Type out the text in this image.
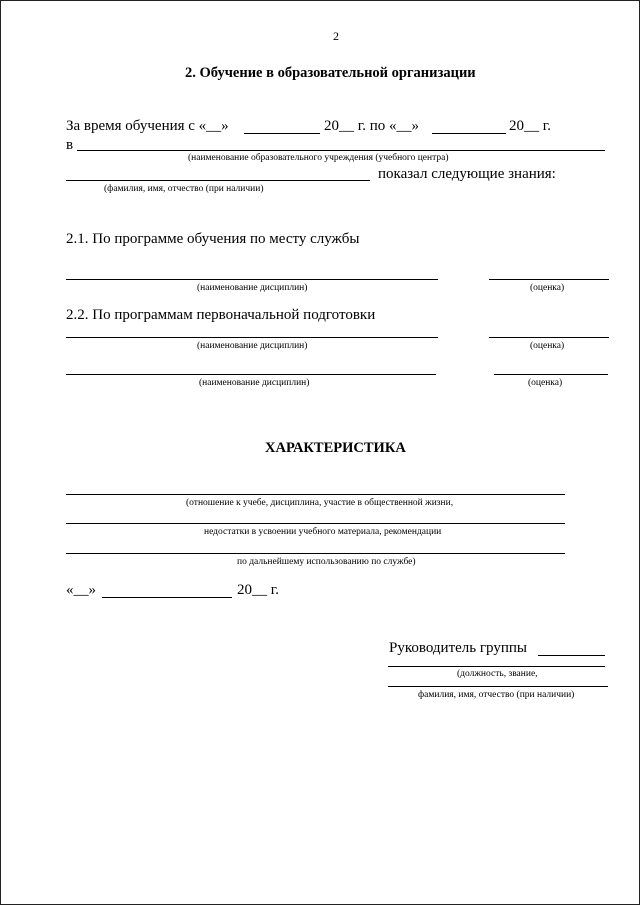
2
2. Обучение в образовательной организации
За время обучения с «__»	20__ г. по «__»	20__ г.
в
(наименование образовательного учреждения (учебного центра)
показал следующие знания:
(фамилия, имя, отчество (при наличии)
2.1. По программе обучения по месту службы
(наименование дисциплин)	(оценка)
2.2. По программам первоначальной подготовки
(наименование дисциплин)	(оценка)
(наименование дисциплин)	(оценка)
ХАРАКТЕРИСТИКА
(отношение к учебе, дисциплина, участие в общественной жизни,
недостатки в усвоении учебного материала, рекомендации
по дальнейшему использованию по службе)
«__»	20__ г.
Руководитель группы
(должность, звание,
фамилия, имя, отчество (при наличии)
